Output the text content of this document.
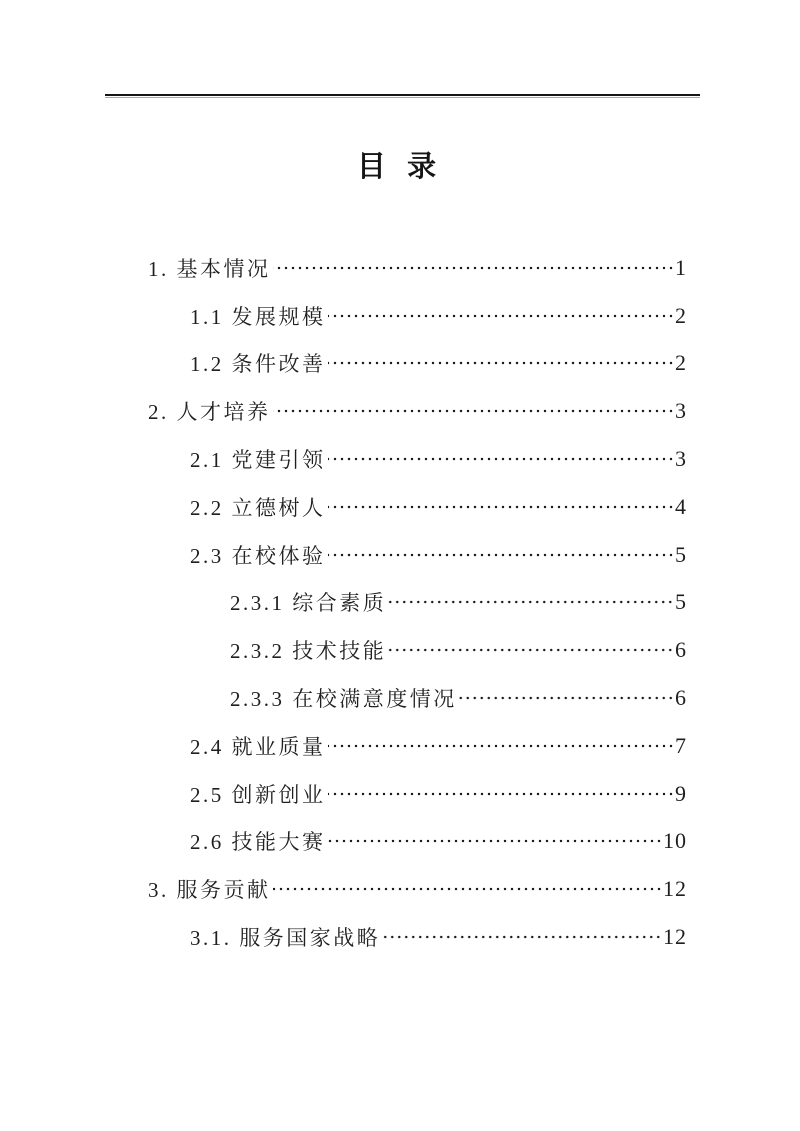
目 录
1. 基本情况	1
1.1 发展规模	2
1.2 条件改善	2
2. 人才培养	3
2.1 党建引领	3
2.2 立德树人	4
2.3 在校体验	5
2.3.1 综合素质	5
2.3.2 技术技能	6
2.3.3 在校满意度情况	6
2.4 就业质量	7
2.5 创新创业	9
2.6 技能大赛	10
3. 服务贡献	12
3.1. 服务国家战略	12
